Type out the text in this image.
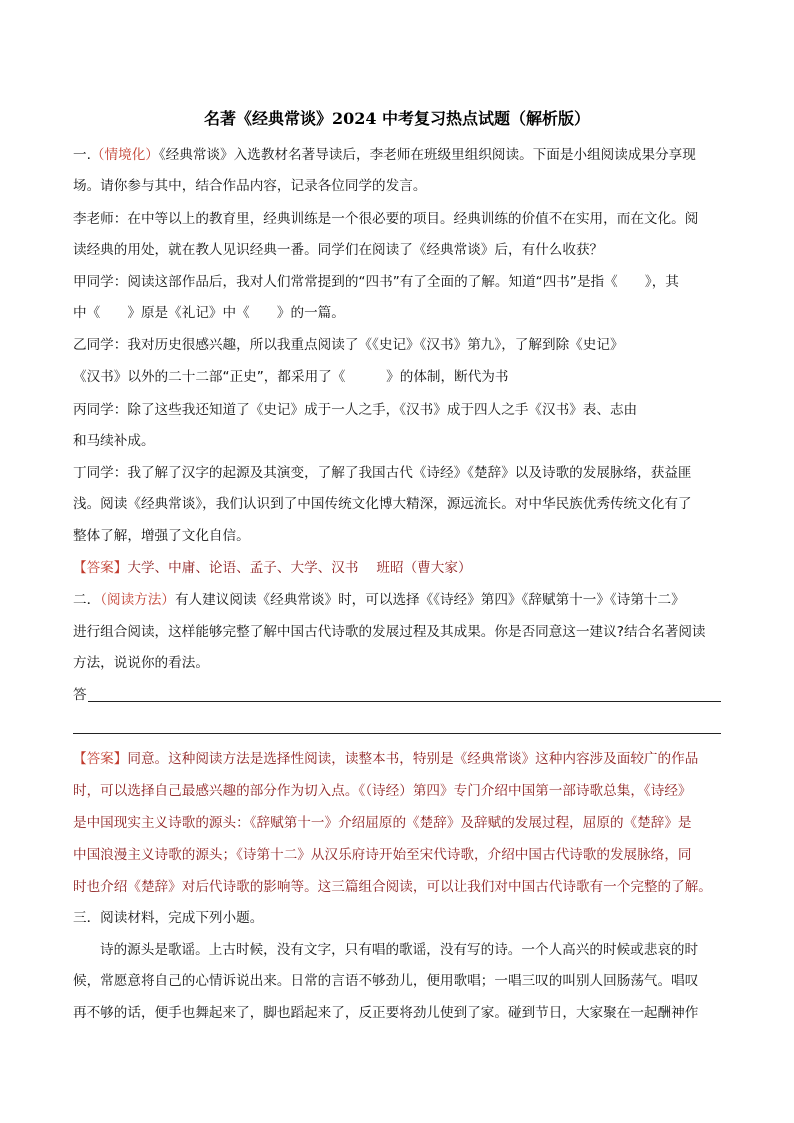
名著《经典常谈》2024 中考复习热点试题（解析版）
一.（情境化）《经典常谈》入选教材名著导读后，李老师在班级里组织阅读。下面是小组阅读成果分享现
场。请你参与其中，结合作品内容，记录各位同学的发言。
李老师：在中等以上的教育里，经典训练是一个很必要的项目。经典训练的价值不在实用，而在文化。阅
读经典的用处，就在教人见识经典一番。同学们在阅读了《经典常谈》后，有什么收获？
甲同学：阅读这部作品后，我对人们常常提到的“四书”有了全面的了解。知道“四书”是指《　　》，其
中《　　》原是《礼记》中《　　》的一篇。
乙同学：我对历史很感兴趣，所以我重点阅读了《《史记》《汉书》第九》，了解到除《史记》
《汉书》以外的二十二部“正史”，都采用了《　　　》的体制，断代为书
丙同学：除了这些我还知道了《史记》成于一人之手，《汉书》成于四人之手《汉书》表、志由
和马续补成。
丁同学：我了解了汉字的起源及其演变，了解了我国古代《诗经》《楚辞》以及诗歌的发展脉络，获益匪
浅。阅读《经典常谈》，我们认识到了中国传统文化博大精深，源远流长。对中华民族优秀传统文化有了
整体了解，增强了文化自信。
【答案】大学、中庸、论语、孟子、大学、汉书　 班昭（曹大家）
二．（阅读方法）有人建议阅读《经典常谈》时，可以选择《《诗经》第四》《辞赋第十一》《诗第十二》
进行组合阅读，这样能够完整了解中国古代诗歌的发展过程及其成果。你是否同意这一建议?结合名著阅读
方法，说说你的看法。
答
【答案】同意。这种阅读方法是选择性阅读，读整本书，特别是《经典常谈》这种内容涉及面较广的作品
时，可以选择自己最感兴趣的部分作为切入点。《（诗经）第四》专门介绍中国第一部诗歌总集，《诗经》
是中国现实主义诗歌的源头：《辞赋第十一》介绍屈原的《楚辞》及辞赋的发展过程，屈原的《楚辞》是
中国浪漫主义诗歌的源头；《诗第十二》从汉乐府诗开始至宋代诗歌，介绍中国古代诗歌的发展脉络，同
时也介绍《楚辞》对后代诗歌的影响等。这三篇组合阅读，可以让我们对中国古代诗歌有一个完整的了解。
三．阅读材料，完成下列小题。
诗的源头是歌谣。上古时候，没有文字，只有唱的歌谣，没有写的诗。一个人高兴的时候或悲哀的时
候，常愿意将自己的心情诉说出来。日常的言语不够劲儿，便用歌唱；一唱三叹的叫别人回肠荡气。唱叹
再不够的话，便手也舞起来了，脚也蹈起来了，反正要将劲儿使到了家。碰到节日，大家聚在一起酬神作
